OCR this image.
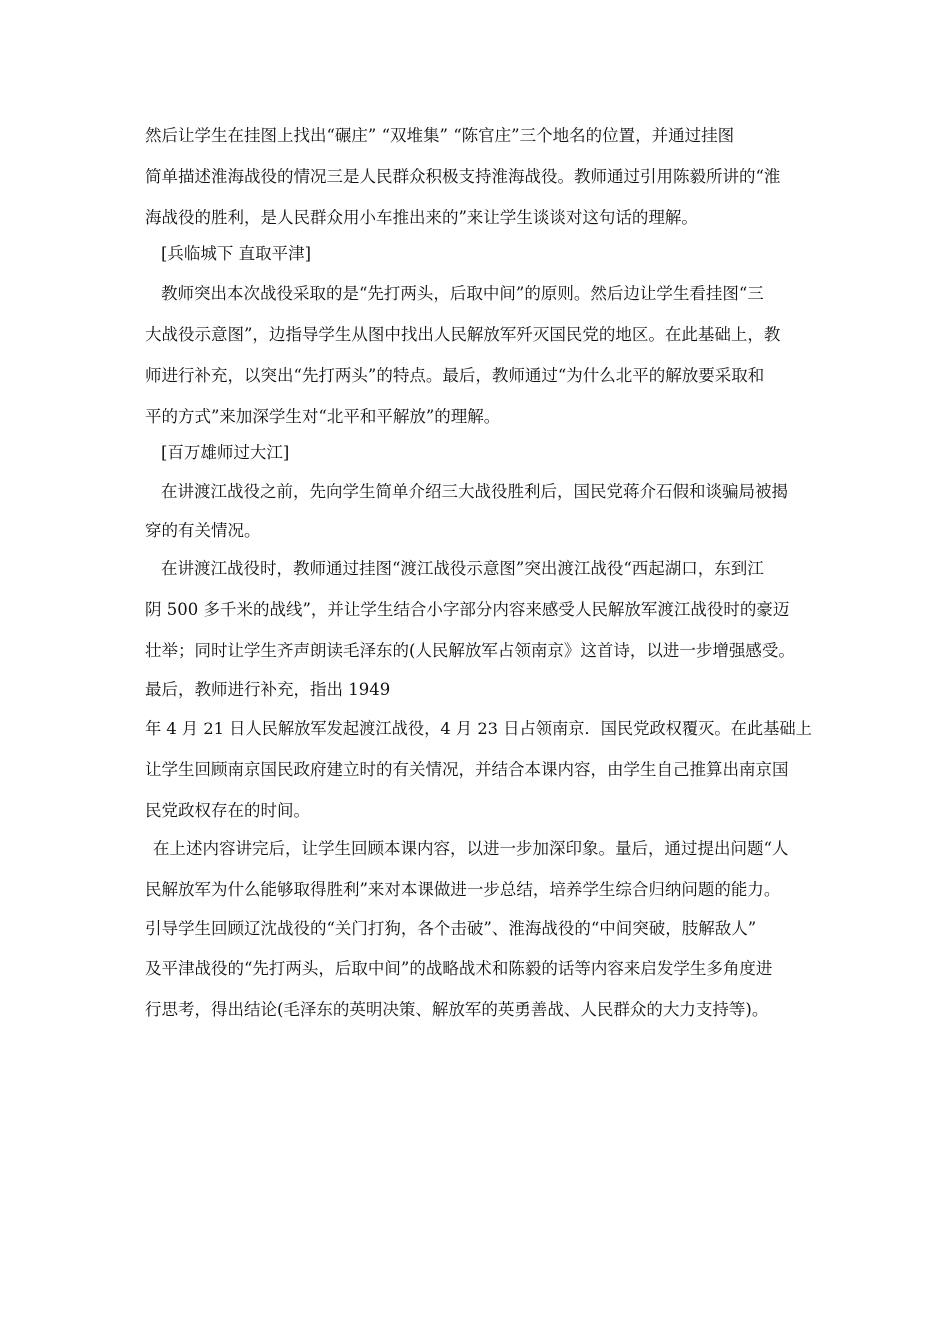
然后让学生在挂图上找出“碾庄” “双堆集” “陈官庄”三个地名的位置，并通过挂图

简单描述淮海战役的情况三是人民群众积极支持淮海战役。教师通过引用陈毅所讲的“淮

海战役的胜利，是人民群众用小车推出来的”来让学生谈谈对这句话的理解。

[兵临城下 直取平津]

教师突出本次战役采取的是“先打两头，后取中间”的原则。然后边让学生看挂图“三

大战役示意图”，边指导学生从图中找出人民解放军歼灭国民党的地区。在此基础上，教

师进行补充，以突出“先打两头”的特点。最后，教师通过“为什么北平的解放要采取和

平的方式”来加深学生对“北平和平解放”的理解。

[百万雄师过大江]

在讲渡江战役之前，先向学生简单介绍三大战役胜利后，国民党蒋介石假和谈骗局被揭

穿的有关情况。

在讲渡江战役时，教师通过挂图“渡江战役示意图”突出渡江战役“西起湖口，东到江

阴 500 多千米的战线”，并让学生结合小字部分内容来感受人民解放军渡江战役时的豪迈

壮举；同时让学生齐声朗读毛泽东的(人民解放军占领南京》这首诗，以进一步增强感受。

最后，教师进行补充，指出 1949

年 4 月 21 日人民解放军发起渡江战役，4 月 23 日占领南京．国民党政权覆灭。在此基础上

让学生回顾南京国民政府建立时的有关情况，并结合本课内容，由学生自己推算出南京国

民党政权存在的时间。

在上述内容讲完后，让学生回顾本课内容，以进一步加深印象。量后，通过提出问题“人

民解放军为什么能够取得胜利”来对本课做进一步总结，培养学生综合归纳问题的能力。

引导学生回顾辽沈战役的“关门打狗，各个击破”、淮海战役的“中间突破，肢解敌人”

及平津战役的“先打两头，后取中间”的战略战术和陈毅的话等内容来启发学生多角度进

行思考，得出结论(毛泽东的英明决策、解放军的英勇善战、人民群众的大力支持等)。
